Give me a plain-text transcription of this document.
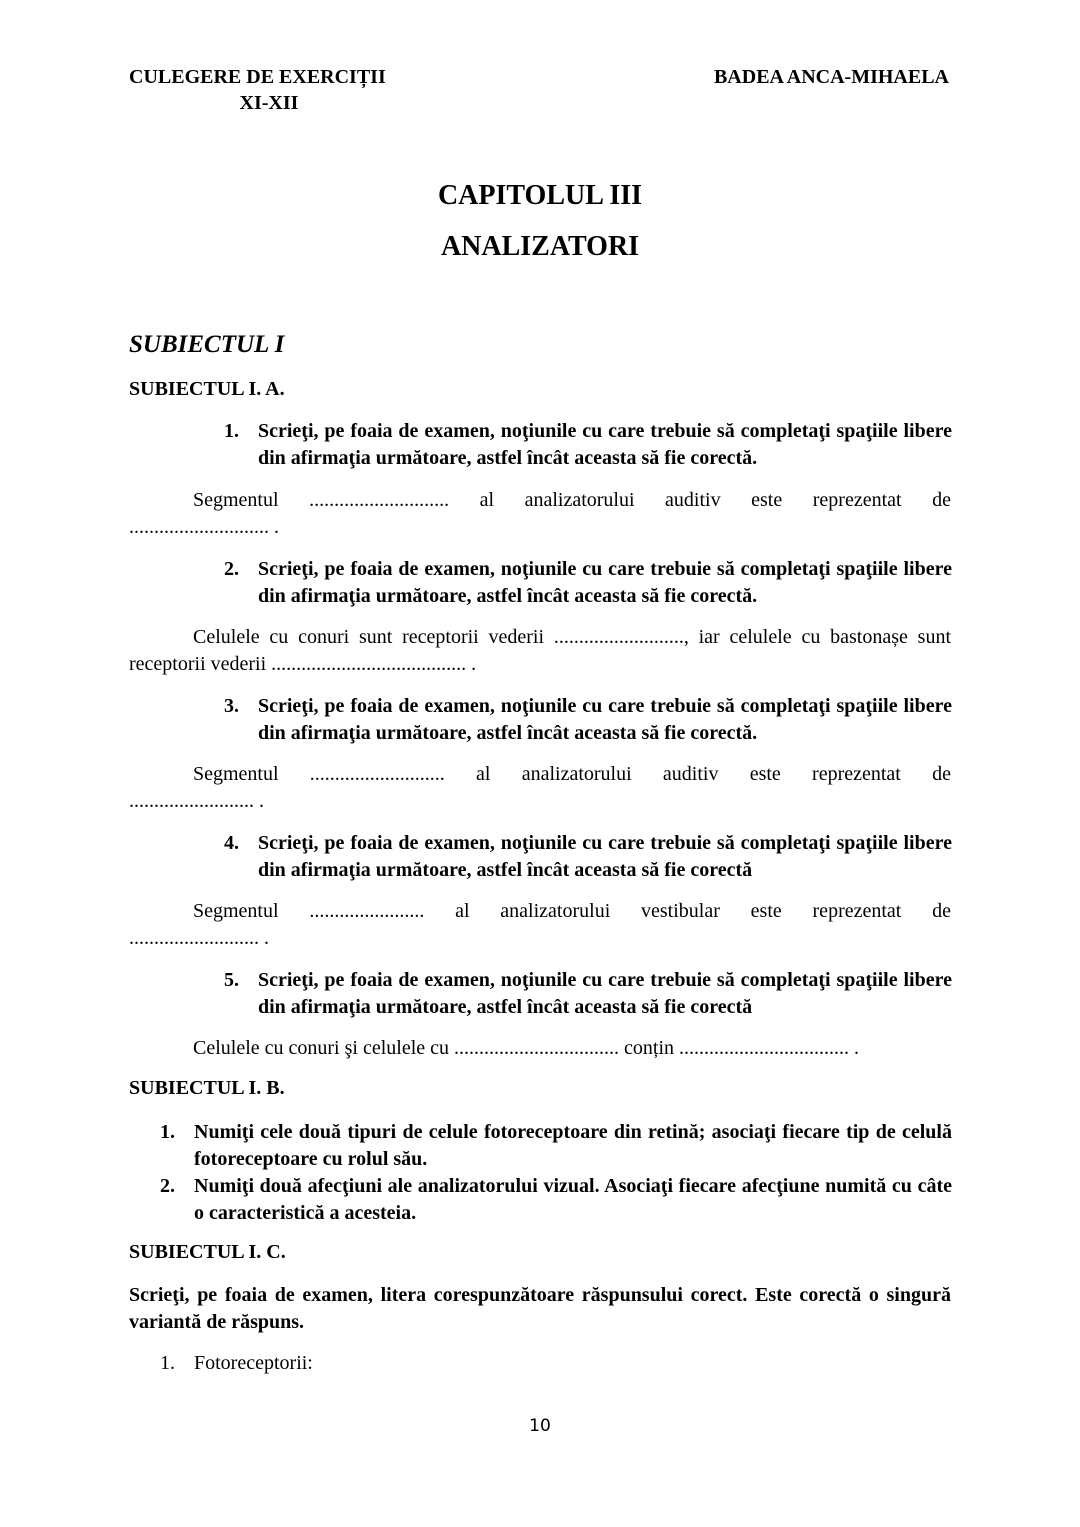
CULEGERE DE EXERCIȚII
XI-XII
BADEA ANCA-MIHAELA
CAPITOLUL III
ANALIZATORI
SUBIECTUL I
SUBIECTUL I. A.
1. Scrieţi, pe foaia de examen, noţiunile cu care trebuie să completaţi spaţiile libere din afirmaţia următoare, astfel încât aceasta să fie corectă.
Segmentul ............................ al analizatorului auditiv este reprezentat de
............................ .
2. Scrieţi, pe foaia de examen, noţiunile cu care trebuie să completaţi spaţiile libere din afirmaţia următoare, astfel încât aceasta să fie corectă.
Celulele cu conuri sunt receptorii vederii .........................., iar celulele cu bastonașe sunt
receptorii vederii ....................................... .
3. Scrieţi, pe foaia de examen, noţiunile cu care trebuie să completaţi spaţiile libere din afirmaţia următoare, astfel încât aceasta să fie corectă.
Segmentul ........................... al analizatorului auditiv este reprezentat de
......................... .
4. Scrieţi, pe foaia de examen, noţiunile cu care trebuie să completaţi spaţiile libere din afirmaţia următoare, astfel încât aceasta să fie corectă
Segmentul ....................... al analizatorului vestibular este reprezentat de
.......................... .
5. Scrieţi, pe foaia de examen, noţiunile cu care trebuie să completaţi spaţiile libere din afirmaţia următoare, astfel încât aceasta să fie corectă
Celulele cu conuri şi celulele cu ................................. conțin .................................. .
SUBIECTUL I. B.
1. Numiţi cele două tipuri de celule fotoreceptoare din retină; asociaţi fiecare tip de celulă fotoreceptoare cu rolul său.
2. Numiţi două afecţiuni ale analizatorului vizual. Asociaţi fiecare afecţiune numită cu câte o caracteristică a acesteia.
SUBIECTUL I. C.
Scrieţi, pe foaia de examen, litera corespunzătoare răspunsului corect. Este corectă o singură variantă de răspuns.
1. Fotoreceptorii:
10
